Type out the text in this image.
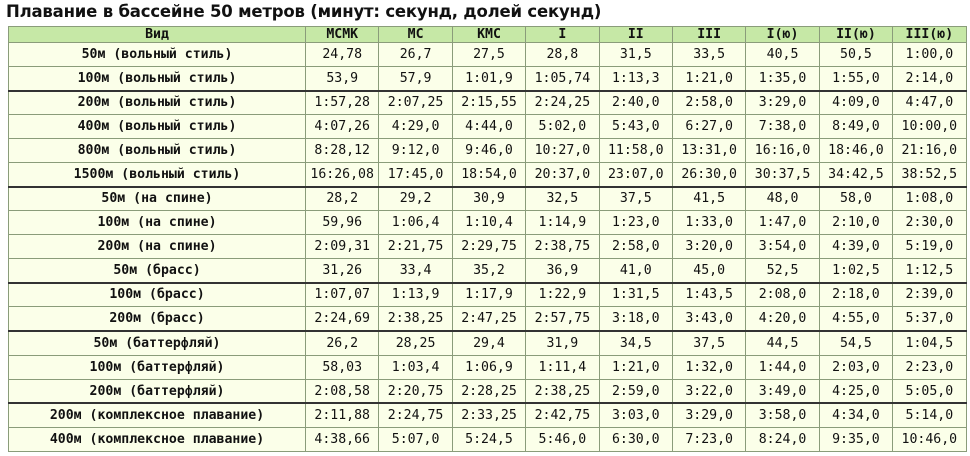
Плавание в бассейне 50 метров (минут: секунд, долей секунд)
Вид	МСМК	МС	КМС	I	II	III	I(ю)	II(ю)	III(ю)
50м (вольный стиль)	24,78	26,7	27,5	28,8	31,5	33,5	40,5	50,5	1:00,0
100м (вольный стиль)	53,9	57,9	1:01,9	1:05,74	1:13,3	1:21,0	1:35,0	1:55,0	2:14,0
200м (вольный стиль)	1:57,28	2:07,25	2:15,55	2:24,25	2:40,0	2:58,0	3:29,0	4:09,0	4:47,0
400м (вольный стиль)	4:07,26	4:29,0	4:44,0	5:02,0	5:43,0	6:27,0	7:38,0	8:49,0	10:00,0
800м (вольный стиль)	8:28,12	9:12,0	9:46,0	10:27,0	11:58,0	13:31,0	16:16,0	18:46,0	21:16,0
1500м (вольный стиль)	16:26,08	17:45,0	18:54,0	20:37,0	23:07,0	26:30,0	30:37,5	34:42,5	38:52,5
50м (на спине)	28,2	29,2	30,9	32,5	37,5	41,5	48,0	58,0	1:08,0
100м (на спине)	59,96	1:06,4	1:10,4	1:14,9	1:23,0	1:33,0	1:47,0	2:10,0	2:30,0
200м (на спине)	2:09,31	2:21,75	2:29,75	2:38,75	2:58,0	3:20,0	3:54,0	4:39,0	5:19,0
50м (брасс)	31,26	33,4	35,2	36,9	41,0	45,0	52,5	1:02,5	1:12,5
100м (брасс)	1:07,07	1:13,9	1:17,9	1:22,9	1:31,5	1:43,5	2:08,0	2:18,0	2:39,0
200м (брасс)	2:24,69	2:38,25	2:47,25	2:57,75	3:18,0	3:43,0	4:20,0	4:55,0	5:37,0
50м (баттерфляй)	26,2	28,25	29,4	31,9	34,5	37,5	44,5	54,5	1:04,5
100м (баттерфляй)	58,03	1:03,4	1:06,9	1:11,4	1:21,0	1:32,0	1:44,0	2:03,0	2:23,0
200м (баттерфляй)	2:08,58	2:20,75	2:28,25	2:38,25	2:59,0	3:22,0	3:49,0	4:25,0	5:05,0
200м (комплексное плавание)	2:11,88	2:24,75	2:33,25	2:42,75	3:03,0	3:29,0	3:58,0	4:34,0	5:14,0
400м (комплексное плавание)	4:38,66	5:07,0	5:24,5	5:46,0	6:30,0	7:23,0	8:24,0	9:35,0	10:46,0
